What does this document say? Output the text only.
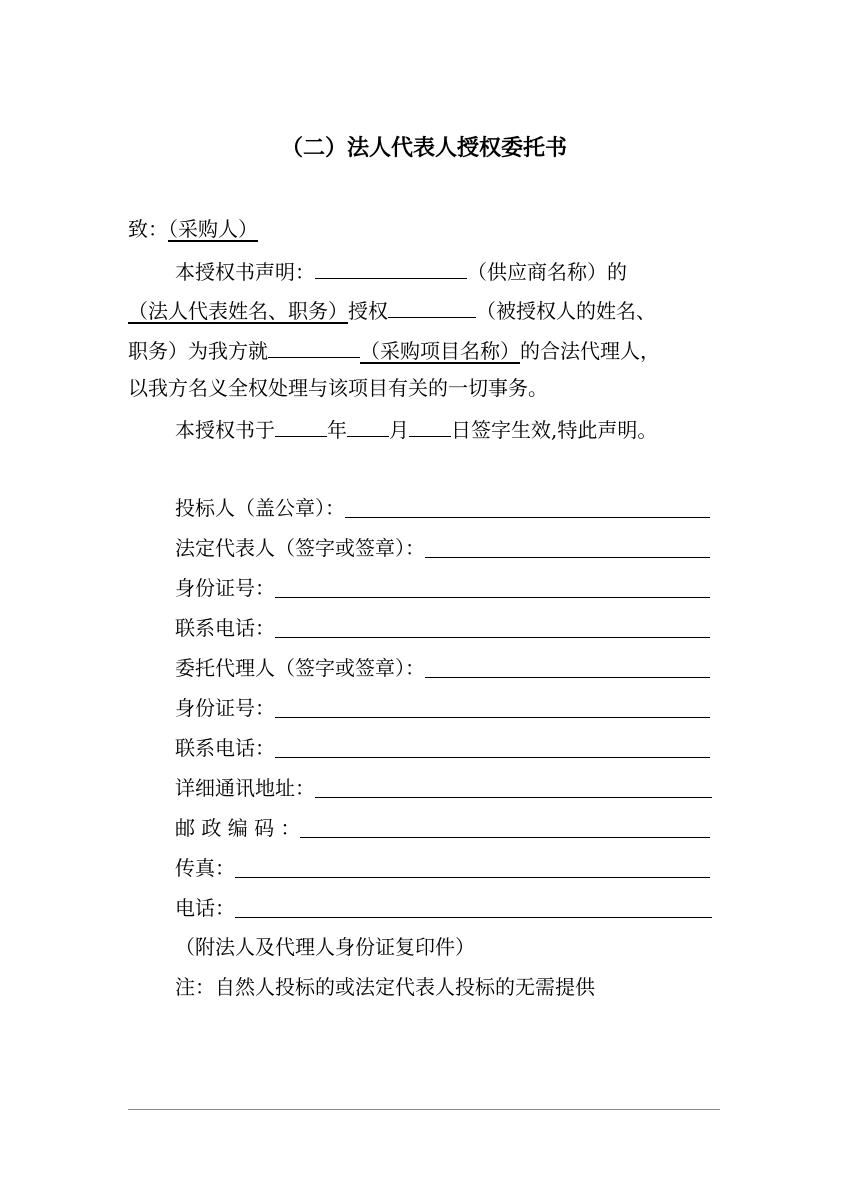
（二）法人代表人授权委托书
致：（采购人）
本授权书声明：	（供应商名称）的
（法人代表姓名、职务）授权	（被授权人的姓名、
职务）为我方就	（采购项目名称）的合法代理人，
以我方名义全权处理与该项目有关的一切事务。
本授权书于	年 月 日签字生效,特此声明。
投标人（盖公章）：
法定代表人（签字或签章）：
身份证号：
联系电话：
委托代理人（签字或签章）：
身份证号：
联系电话：
详细通讯地址：
邮 政 编 码 ：
传真：
电话：
（附法人及代理人身份证复印件）
注：自然人投标的或法定代表人投标的无需提供
